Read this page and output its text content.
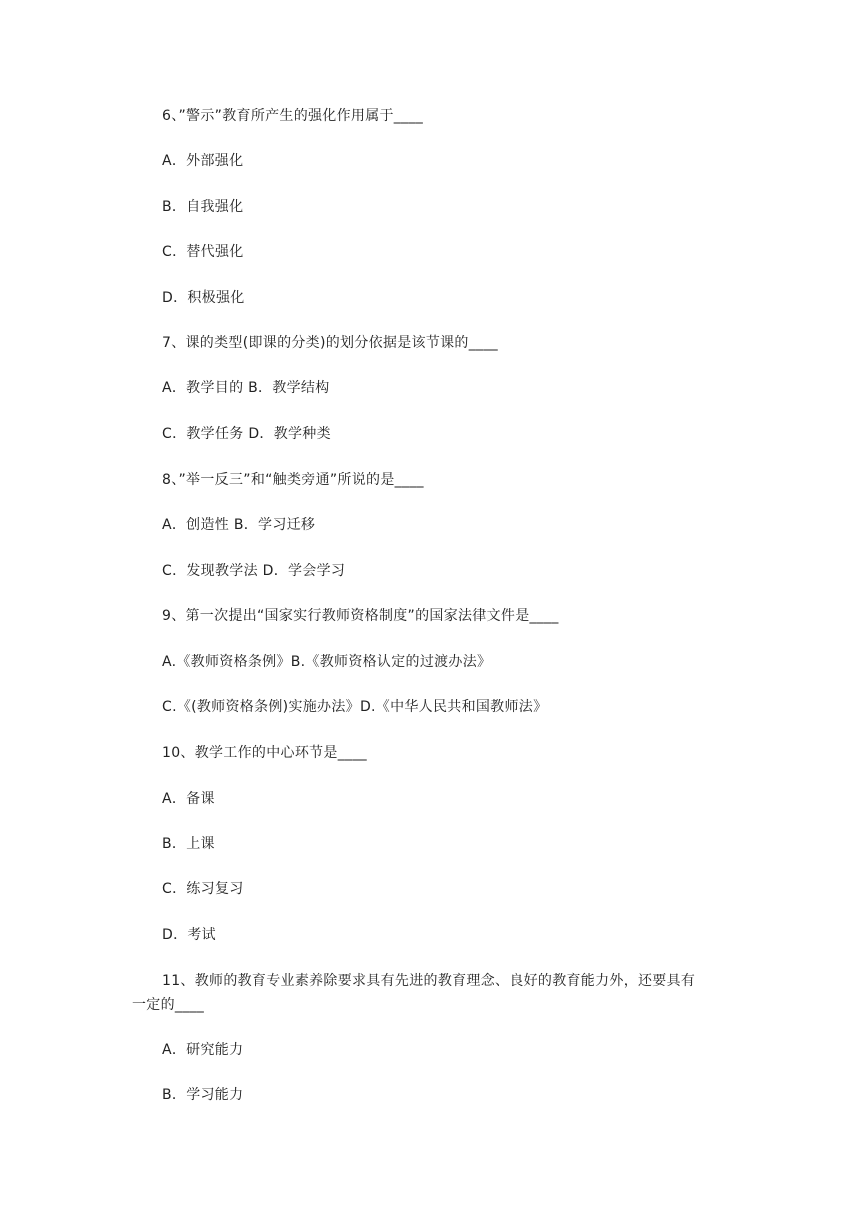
6、”警示”教育所产生的强化作用属于____
A．外部强化
B．自我强化
C．替代强化
D．积极强化
7、课的类型(即课的分类)的划分依据是该节课的____
A．教学目的 B．教学结构
C．教学任务 D．教学种类
8、”举一反三”和“触类旁通”所说的是____
A．创造性 B．学习迁移
C．发现教学法 D．学会学习
9、第一次提出“国家实行教师资格制度”的国家法律文件是____
A.《教师资格条例》B.《教师资格认定的过渡办法》
C.《(教师资格条例)实施办法》D.《中华人民共和国教师法》
10、教学工作的中心环节是____
A．备课
B．上课
C．练习复习
D．考试
11、教师的教育专业素养除要求具有先进的教育理念、良好的教育能力外，还要具有
一定的____
A．研究能力
B．学习能力
